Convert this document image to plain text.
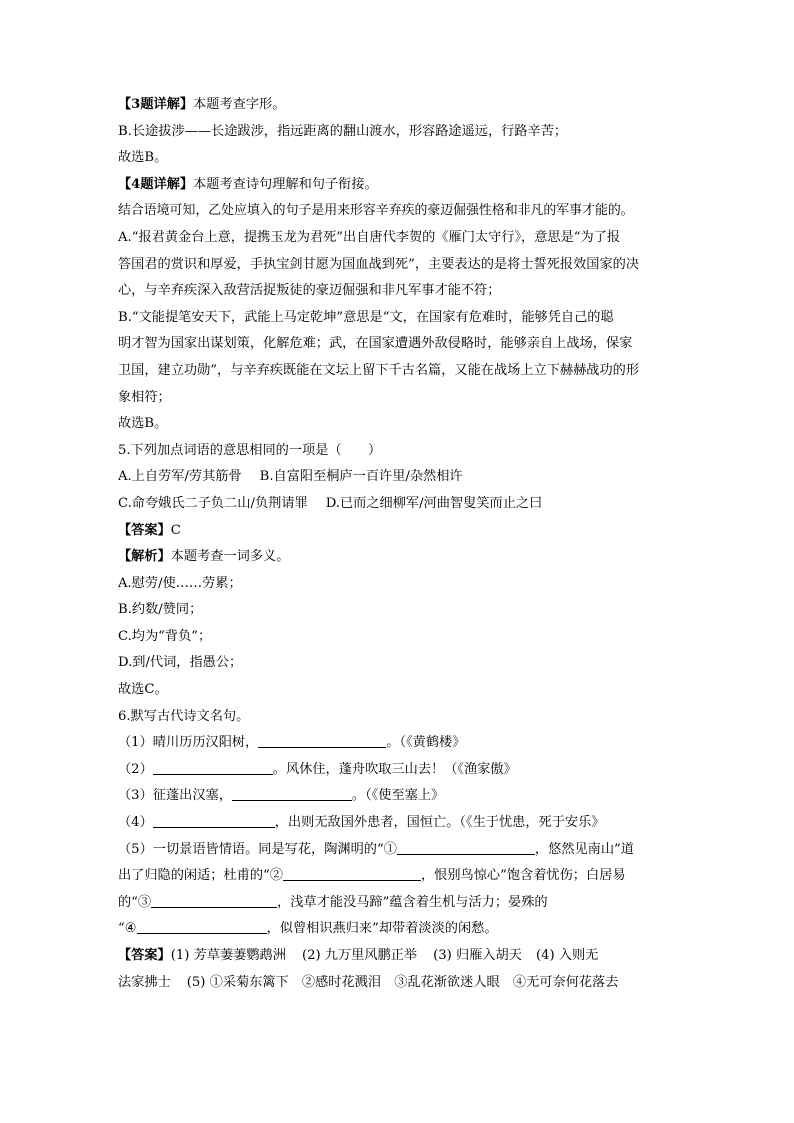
【3题详解】本题考查字形。
B.长途拔涉——长途跋涉，指远距离的翻山渡水，形容路途遥远，行路辛苦；
故选B。
【4题详解】本题考查诗句理解和句子衔接。
结合语境可知，乙处应填入的句子是用来形容辛弃疾的豪迈倔强性格和非凡的军事才能的。
A.“报君黄金台上意，提携玉龙为君死”出自唐代李贺的《雁门太守行》，意思是“为了报
答国君的赏识和厚爱，手执宝剑甘愿为国血战到死”，主要表达的是将士誓死报效国家的决
心，与辛弃疾深入敌营活捉叛徒的豪迈倔强和非凡军事才能不符；
B.“文能提笔安天下，武能上马定乾坤”意思是“文，在国家有危难时，能够凭自己的聪
明才智为国家出谋划策，化解危难；武，在国家遭遇外敌侵略时，能够亲自上战场，保家
卫国，建立功勋”，与辛弃疾既能在文坛上留下千古名篇，又能在战场上立下赫赫战功的形
象相符；
故选B。
5.下列加点词语的意思相同的一项是（　　）
A.上自劳军/劳其筋骨 B.自富阳至桐庐一百许里/杂然相许
C.命夸娥氏二子负二山/负荆请罪 D.已而之细柳军/河曲智叟笑而止之曰
【答案】C
【解析】本题考查一词多义。
A.慰劳/使……劳累；
B.约数/赞同；
C.均为“背负”；
D.到/代词，指愚公；
故选C。
6.默写古代诗文名句。
（1）晴川历历汉阳树，	。（《黄鹤楼》
（2）	。风休住，蓬舟吹取三山去！（《渔家傲》
（3）征蓬出汉塞，	。（《使至塞上》
（4）	，出则无敌国外患者，国恒亡。（《生于忧患，死于安乐》
（5）一切景语皆情语。同是写花，陶渊明的“①	，悠然见南山”道
出了归隐的闲适；杜甫的“②	，恨别鸟惊心”饱含着忧伤；白居易
的“③	，浅草才能没马蹄”蕴含着生机与活力；晏殊的
“④	，似曾相识燕归来”却带着淡淡的闲愁。
【答案】(1) 芳草萋萋鹦鹉洲 (2) 九万里风鹏正举 (3) 归雁入胡天 (4) 入则无
法家拂士 (5) ①采菊东篱下　②感时花溅泪　③乱花渐欲迷人眼　④无可奈何花落去
